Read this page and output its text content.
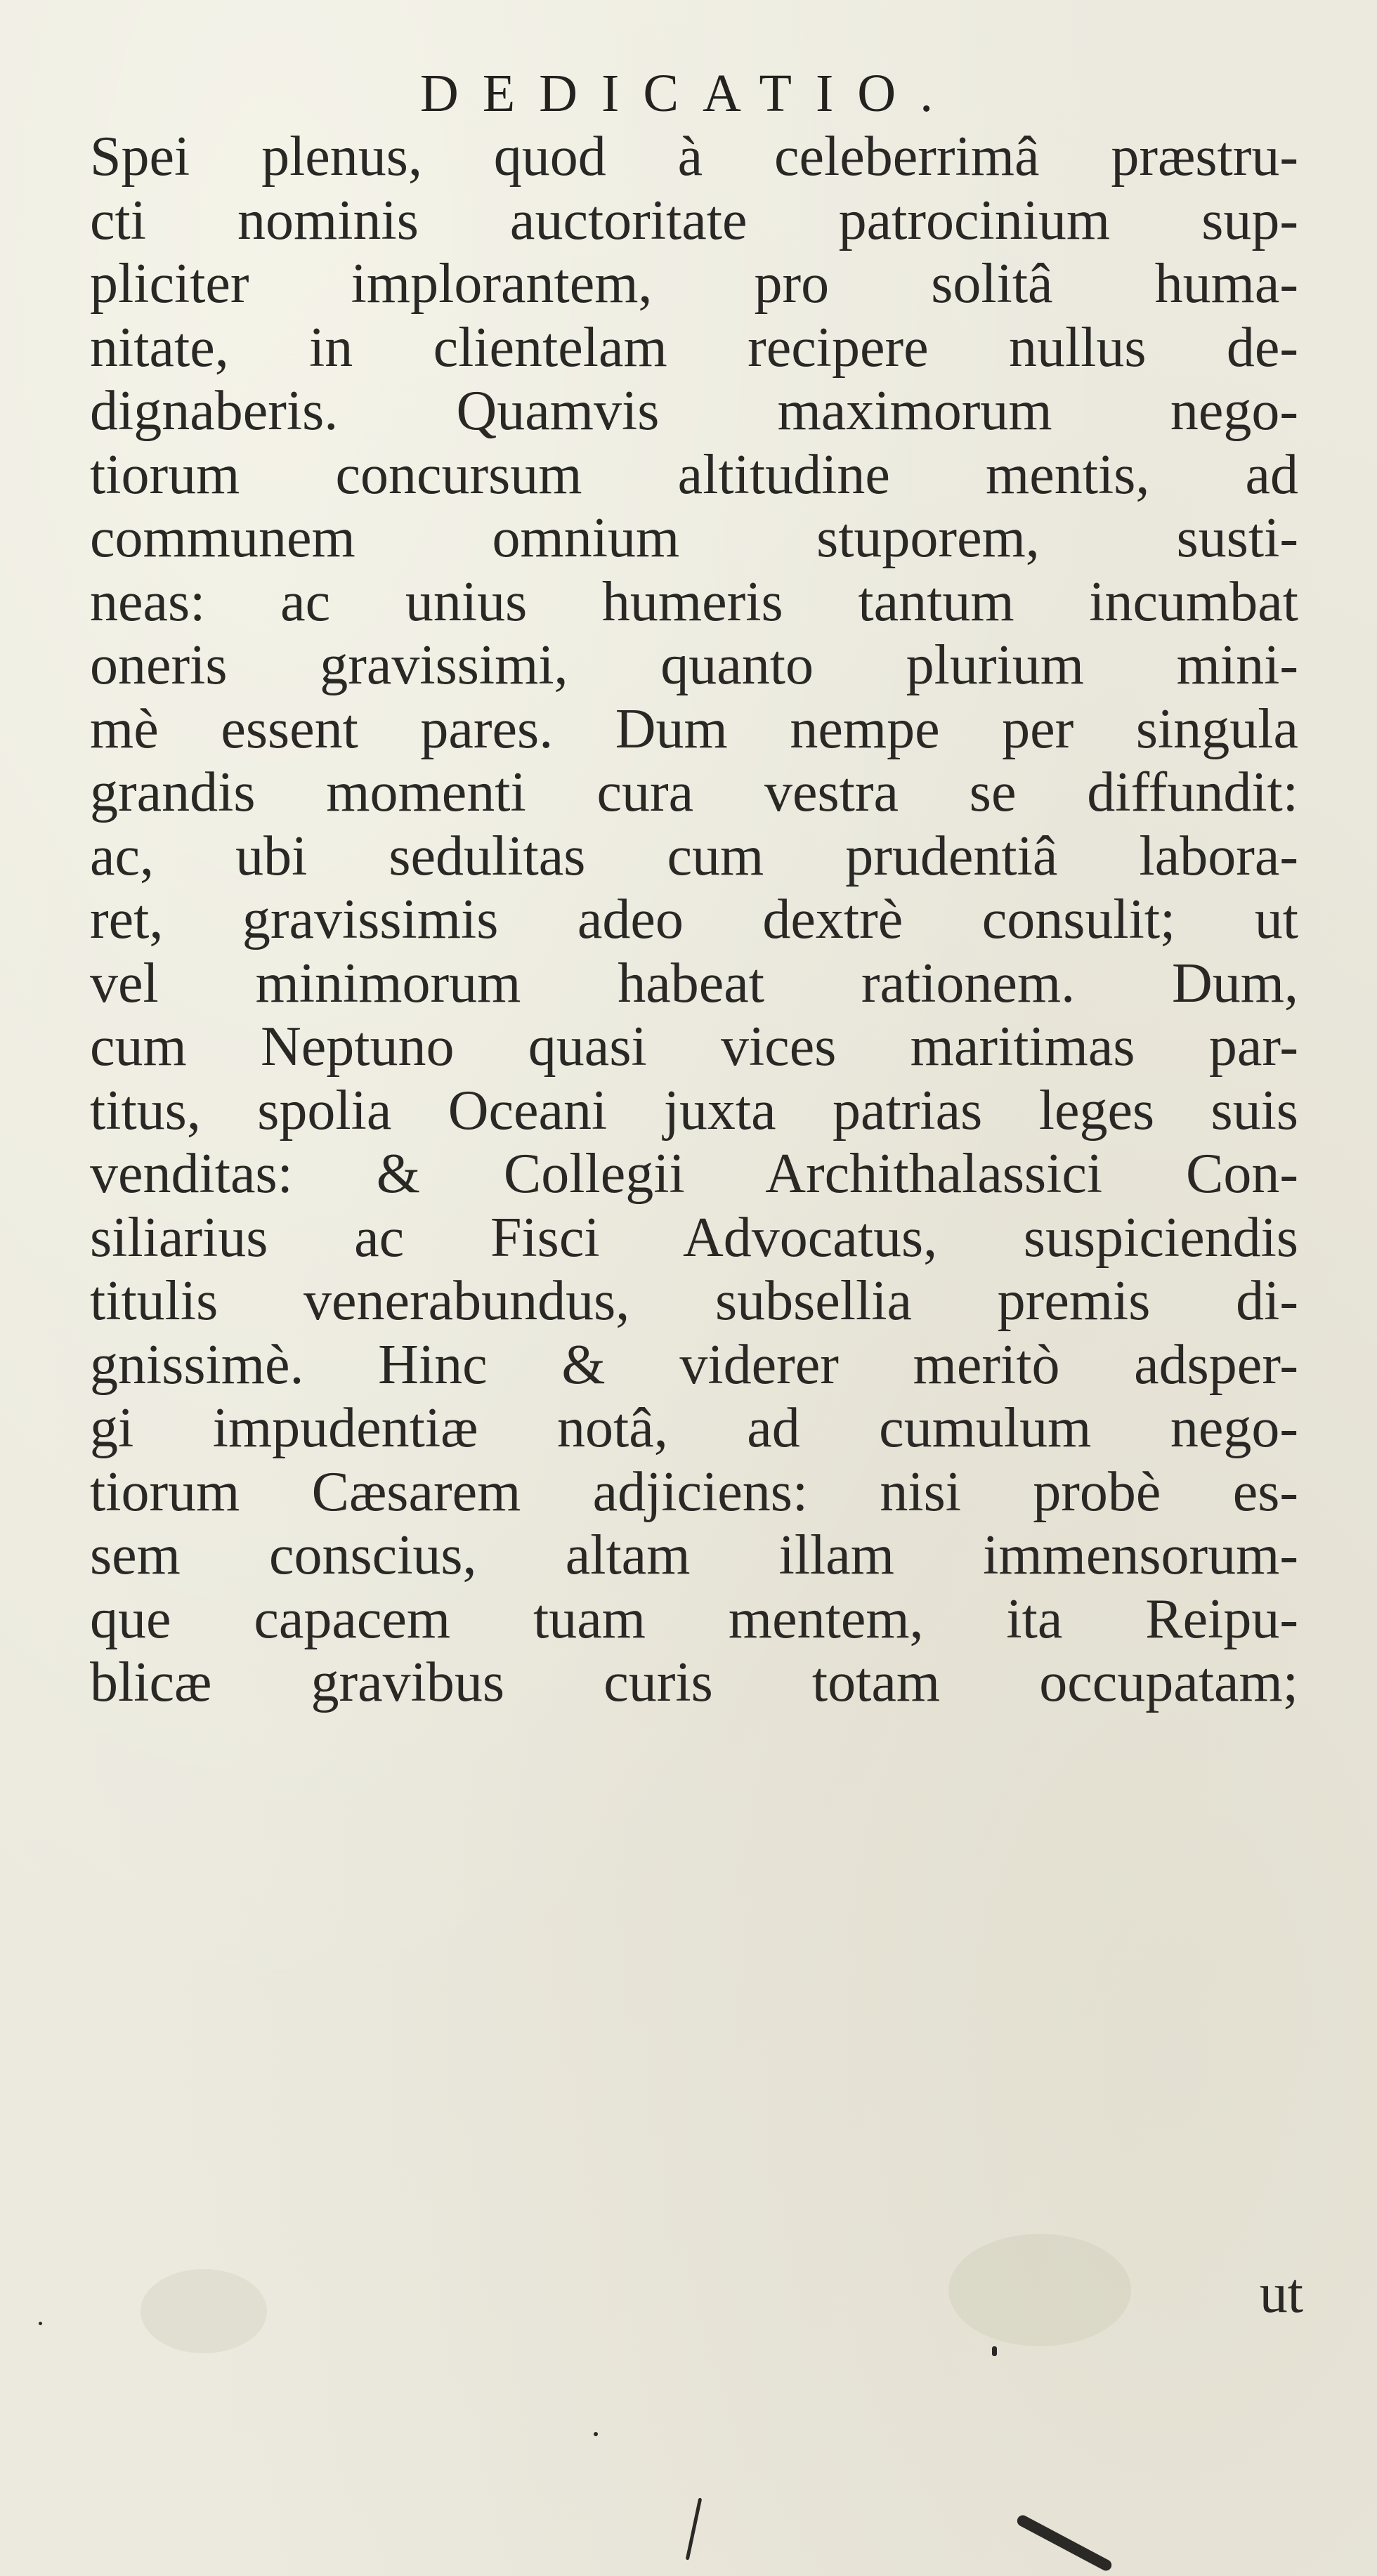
DEDICATIO.
Spei plenus, quod à celeberrimâ præstru-
cti nominis auctoritate patrocinium sup-
pliciter implorantem, pro solitâ huma-
nitate, in clientelam recipere nullus de-
dignaberis. Quamvis maximorum nego-
tiorum concursum altitudine mentis, ad
communem omnium stuporem, susti-
neas: ac unius humeris tantum incumbat
oneris gravissimi, quanto plurium mini-
mè essent pares. Dum nempe per singula
grandis momenti cura vestra se diffundit:
ac, ubi sedulitas cum prudentiâ labora-
ret, gravissimis adeo dextrè consulit; ut
vel minimorum habeat rationem. Dum,
cum Neptuno quasi vices maritimas par-
titus, spolia Oceani juxta patrias leges suis
venditas: & Collegii Archithalassici Con-
siliarius ac Fisci Advocatus, suspiciendis
titulis venerabundus, subsellia premis di-
gnissimè. Hinc & viderer meritò adsper-
gi impudentiæ notâ, ad cumulum nego-
tiorum Cæsarem adjiciens: nisi probè es-
sem conscius, altam illam immensorum-
que capacem tuam mentem, ita Reipu-
blicæ gravibus curis totam occupatam;
ut
